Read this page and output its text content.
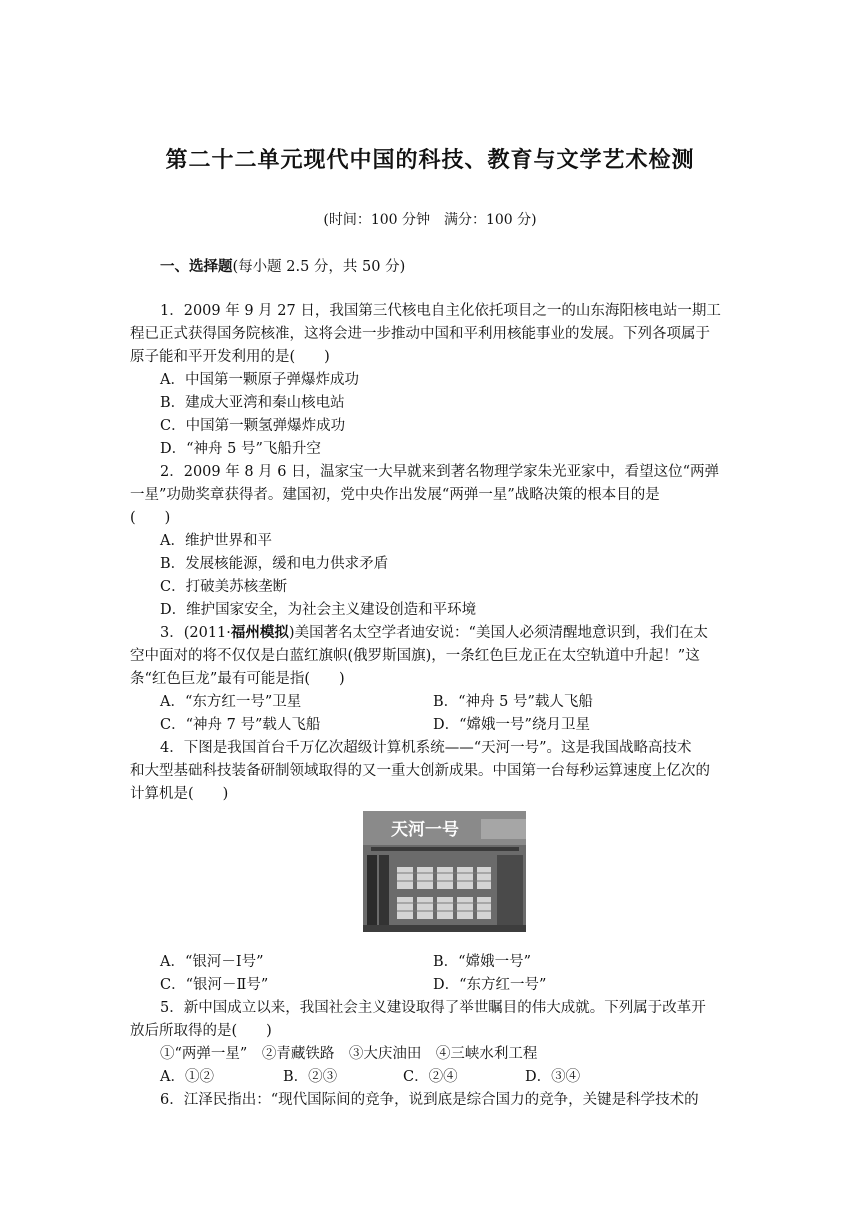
第二十二单元现代中国的科技、教育与文学艺术检测
(时间：100 分钟　满分：100 分)
一、选择题(每小题 2.5 分，共 50 分)
1．2009 年 9 月 27 日，我国第三代核电自主化依托项目之一的山东海阳核电站一期工
程已正式获得国务院核准，这将会进一步推动中国和平利用核能事业的发展。下列各项属于
原子能和平开发利用的是(　　)
A．中国第一颗原子弹爆炸成功
B．建成大亚湾和秦山核电站
C．中国第一颗氢弹爆炸成功
D．“神舟 5 号”飞船升空
2．2009 年 8 月 6 日，温家宝一大早就来到著名物理学家朱光亚家中，看望这位“两弹
一星”功勋奖章获得者。建国初，党中央作出发展“两弹一星”战略决策的根本目的是
(　　)
A．维护世界和平
B．发展核能源，缓和电力供求矛盾
C．打破美苏核垄断
D．维护国家安全，为社会主义建设创造和平环境
3．(2011·福州模拟)美国著名太空学者迪安说：“美国人必须清醒地意识到，我们在太
空中面对的将不仅仅是白蓝红旗帜(俄罗斯国旗)，一条红色巨龙正在太空轨道中升起！”这
条“红色巨龙”最有可能是指(　　)
A．“东方红一号”卫星	B．“神舟 5 号”载人飞船
C．“神舟 7 号”载人飞船	D．“嫦娥一号”绕月卫星
4．下图是我国首台千万亿次超级计算机系统——“天河一号”。这是我国战略高技术
和大型基础科技装备研制领域取得的又一重大创新成果。中国第一台每秒运算速度上亿次的
计算机是(　　)
天河一号
A．“银河－Ⅰ号”	B．“嫦娥一号”
C．“银河－Ⅱ号”	D．“东方红一号”
5．新中国成立以来，我国社会主义建设取得了举世瞩目的伟大成就。下列属于改革开
放后所取得的是(　　)
①“两弹一星”　②青藏铁路　③大庆油田　④三峡水利工程
A．①②	B．②③	C．②④	D．③④
6．江泽民指出：“现代国际间的竞争，说到底是综合国力的竞争，关键是科学技术的
